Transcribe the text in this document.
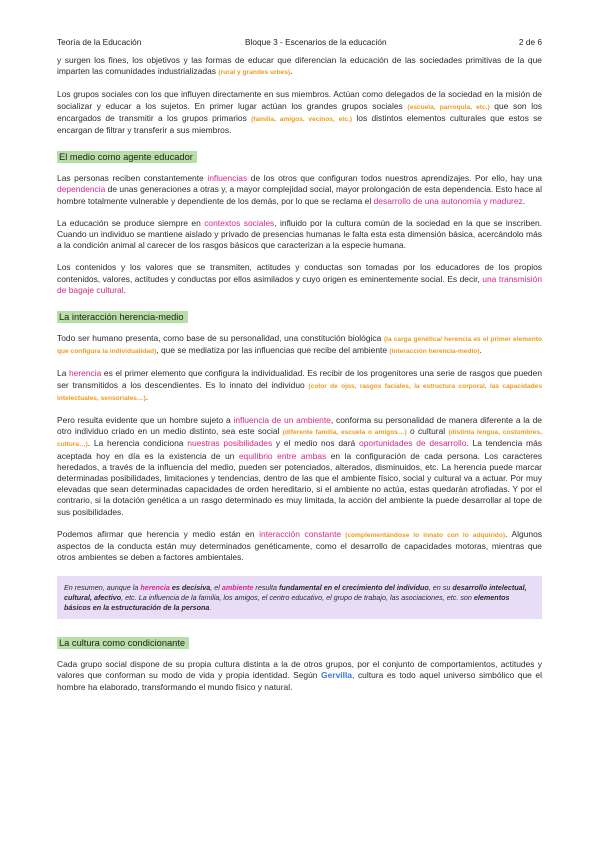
Teoría de la Educación	Bloque 3 - Escenarios de la educación	2 de 6

y surgen los fines, los objetivos y las formas de educar que diferencian la educación de las sociedades primitivas de la que imparten las comunidades industrializadas (rural y grandes urbes).

Los grupos sociales con los que influyen directamente en sus miembros. Actúan como delegados de la sociedad en la misión de socializar y educar a los sujetos. En primer lugar actúan los grandes grupos sociales (escuela, parroquia, etc.) que son los encargados de transmitir a los grupos primarios (familia, amigos, vecinos, etc.) los distintos elementos culturales que estos se encargan de filtrar y transferir a sus miembros.

El medio como agente educador

Las personas reciben constantemente influencias de los otros que configuran todos nuestros aprendizajes. Por ello, hay una dependencia de unas generaciones a otras y, a mayor complejidad social, mayor prolongación de esta dependencia. Esto hace al hombre totalmente vulnerable y dependiente de los demás, por lo que se reclama el desarrollo de una autonomía y madurez.

La educación se produce siempre en contextos sociales, influido por la cultura común de la sociedad en la que se inscriben. Cuando un individuo se mantiene aislado y privado de presencias humanas le falta esta esta dimensión básica, acercándolo más a la condición animal al carecer de los rasgos básicos que caracterizan a la especie humana.

Los contenidos y los valores que se transmiten, actitudes y conductas son tomadas por los educadores de los propios contenidos, valores, actitudes y conductas por ellos asimilados y cuyo origen es eminentemente social. Es decir, una transmisión de bagaje cultural.

La interacción herencia-medio

Todo ser humano presenta, como base de su personalidad, una constitución biológica (la carga genética/ herencia es el primer elemento que configura la individualidad), que se mediatiza por las influencias que recibe del ambiente (interacción herencia-medio).

La herencia es el primer elemento que configura la individualidad. Es recibir de los progenitores una serie de rasgos que pueden ser transmitidos a los descendientes. Es lo innato del individuo (color de ojos, rasgos faciales, la estructura corporal, las capacidades intelectuales, sensoriales…).

Pero resulta evidente que un hombre sujeto a influencia de un ambiente, conforma su personalidad de manera diferente a la de otro individuo criado en un medio distinto, sea este social (diferente familia, escuela o amigos…) o cultural (distinta lengua, costumbres, cultura…). La herencia condiciona nuestras posibilidades y el medio nos dará oportunidades de desarrollo. La tendencia más aceptada hoy en día es la existencia de un equilibrio entre ambas en la configuración de cada persona. Los caracteres heredados, a través de la influencia del medio, pueden ser potenciados, alterados, disminuidos, etc. La herencia puede marcar determinadas posibilidades, limitaciones y tendencias, dentro de las que el ambiente físico, social y cultural va a actuar. Por muy elevadas que sean determinadas capacidades de orden hereditario, si el ambiente no actúa, estas quedarán atrofiadas. Y por el contrario, si la dotación genética a un rasgo determinado es muy limitada, la acción del ambiente la puede desarrollar al tope de sus posibilidades.

Podemos afirmar que herencia y medio están en interacción constante (complementándose lo innato con lo adquirido). Algunos aspectos de la conducta están muy determinados genéticamente, como el desarrollo de capacidades motoras, mientras que otros ambientes se deben a factores ambientales.

En resumen, aunque la herencia es decisiva, el ambiente resulta fundamental en el crecimiento del individuo, en su desarrollo intelectual, cultural, afectivo, etc. La influencia de la familia, los amigos, el centro educativo, el grupo de trabajo, las asociaciones, etc. son elementos básicos en la estructuración de la persona.

La cultura como condicionante

Cada grupo social dispone de su propia cultura distinta a la de otros grupos, por el conjunto de comportamientos, actitudes y valores que conforman su modo de vida y propia identidad. Según Gervilla, cultura es todo aquel universo simbólico que el hombre ha elaborado, transformando el mundo físico y natural.
